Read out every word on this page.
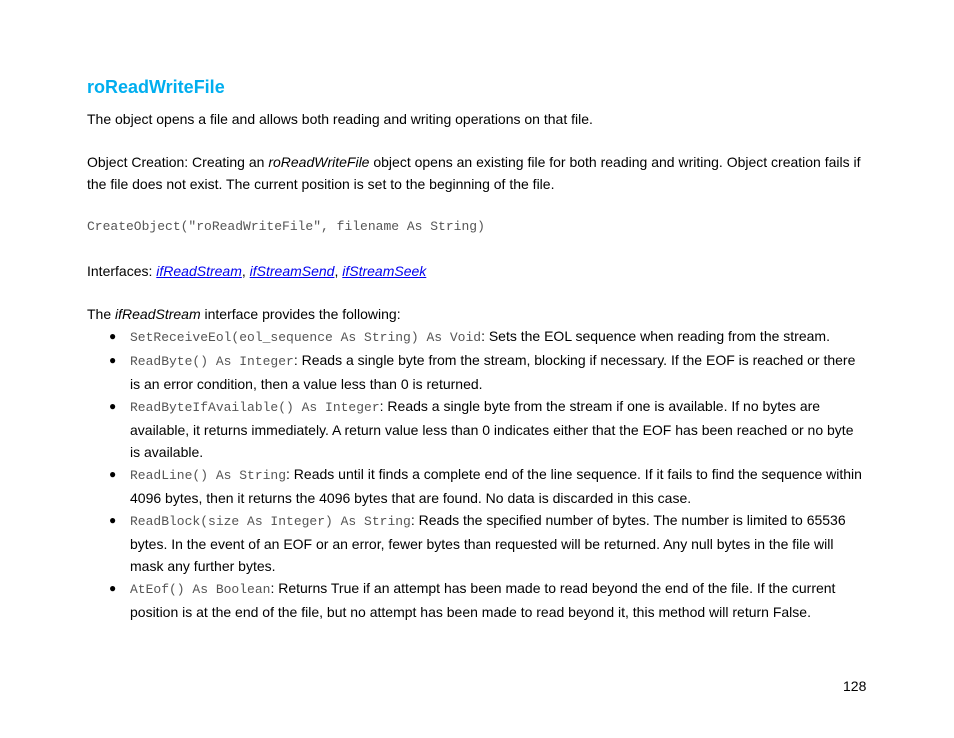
roReadWriteFile

The object opens a file and allows both reading and writing operations on that file.

Object Creation: Creating an roReadWriteFile object opens an existing file for both reading and writing. Object creation fails if the file does not exist. The current position is set to the beginning of the file.

CreateObject("roReadWriteFile", filename As String)

Interfaces: ifReadStream, ifStreamSend, ifStreamSeek

The ifReadStream interface provides the following:

● SetReceiveEol(eol_sequence As String) As Void: Sets the EOL sequence when reading from the stream.
● ReadByte() As Integer: Reads a single byte from the stream, blocking if necessary. If the EOF is reached or there is an error condition, then a value less than 0 is returned.
● ReadByteIfAvailable() As Integer: Reads a single byte from the stream if one is available. If no bytes are available, it returns immediately. A return value less than 0 indicates either that the EOF has been reached or no byte is available.
● ReadLine() As String: Reads until it finds a complete end of the line sequence. If it fails to find the sequence within 4096 bytes, then it returns the 4096 bytes that are found. No data is discarded in this case.
● ReadBlock(size As Integer) As String: Reads the specified number of bytes. The number is limited to 65536 bytes. In the event of an EOF or an error, fewer bytes than requested will be returned. Any null bytes in the file will mask any further bytes.
● AtEof() As Boolean: Returns True if an attempt has been made to read beyond the end of the file. If the current position is at the end of the file, but no attempt has been made to read beyond it, this method will return False.
128
